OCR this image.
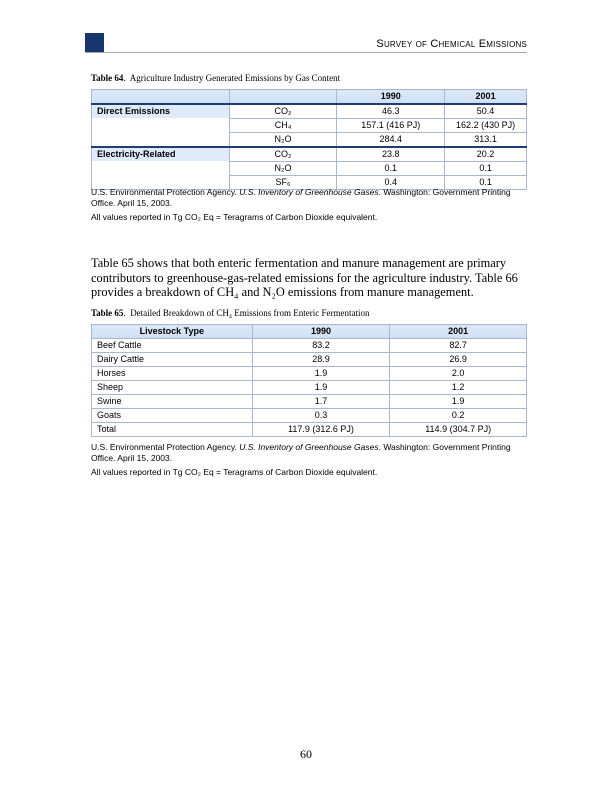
Survey of Chemical Emissions
Table 64.  Agriculture Industry Generated Emissions by Gas Content
		1990	2001
Direct Emissions	CO₂	46.3	50.4
	CH₄	157.1 (416 PJ)	162.2 (430 PJ)
	N₂O	284.4	313.1
Electricity-Related	CO₂	23.8	20.2
	N₂O	0.1	0.1
	SF₆	0.4	0.1
U.S. Environmental Protection Agency. U.S. Inventory of Greenhouse Gases. Washington: Government Printing Office. April 15, 2003.
All values reported in Tg CO₂ Eq = Teragrams of Carbon Dioxide equivalent.
Table 65 shows that both enteric fermentation and manure management are primary contributors to greenhouse-gas-related emissions for the agriculture industry. Table 66 provides a breakdown of CH₄ and N₂O emissions from manure management.
Table 65.  Detailed Breakdown of CH₄ Emissions from Enteric Fermentation
Livestock Type	1990	2001
Beef Cattle	83.2	82.7
Dairy Cattle	28.9	26.9
Horses	1.9	2.0
Sheep	1.9	1.2
Swine	1.7	1.9
Goats	0.3	0.2
Total	117.9 (312.6 PJ)	114.9 (304.7 PJ)
U.S. Environmental Protection Agency. U.S. Inventory of Greenhouse Gases. Washington: Government Printing Office. April 15, 2003.
All values reported in Tg CO₂ Eq = Teragrams of Carbon Dioxide equivalent.
60
